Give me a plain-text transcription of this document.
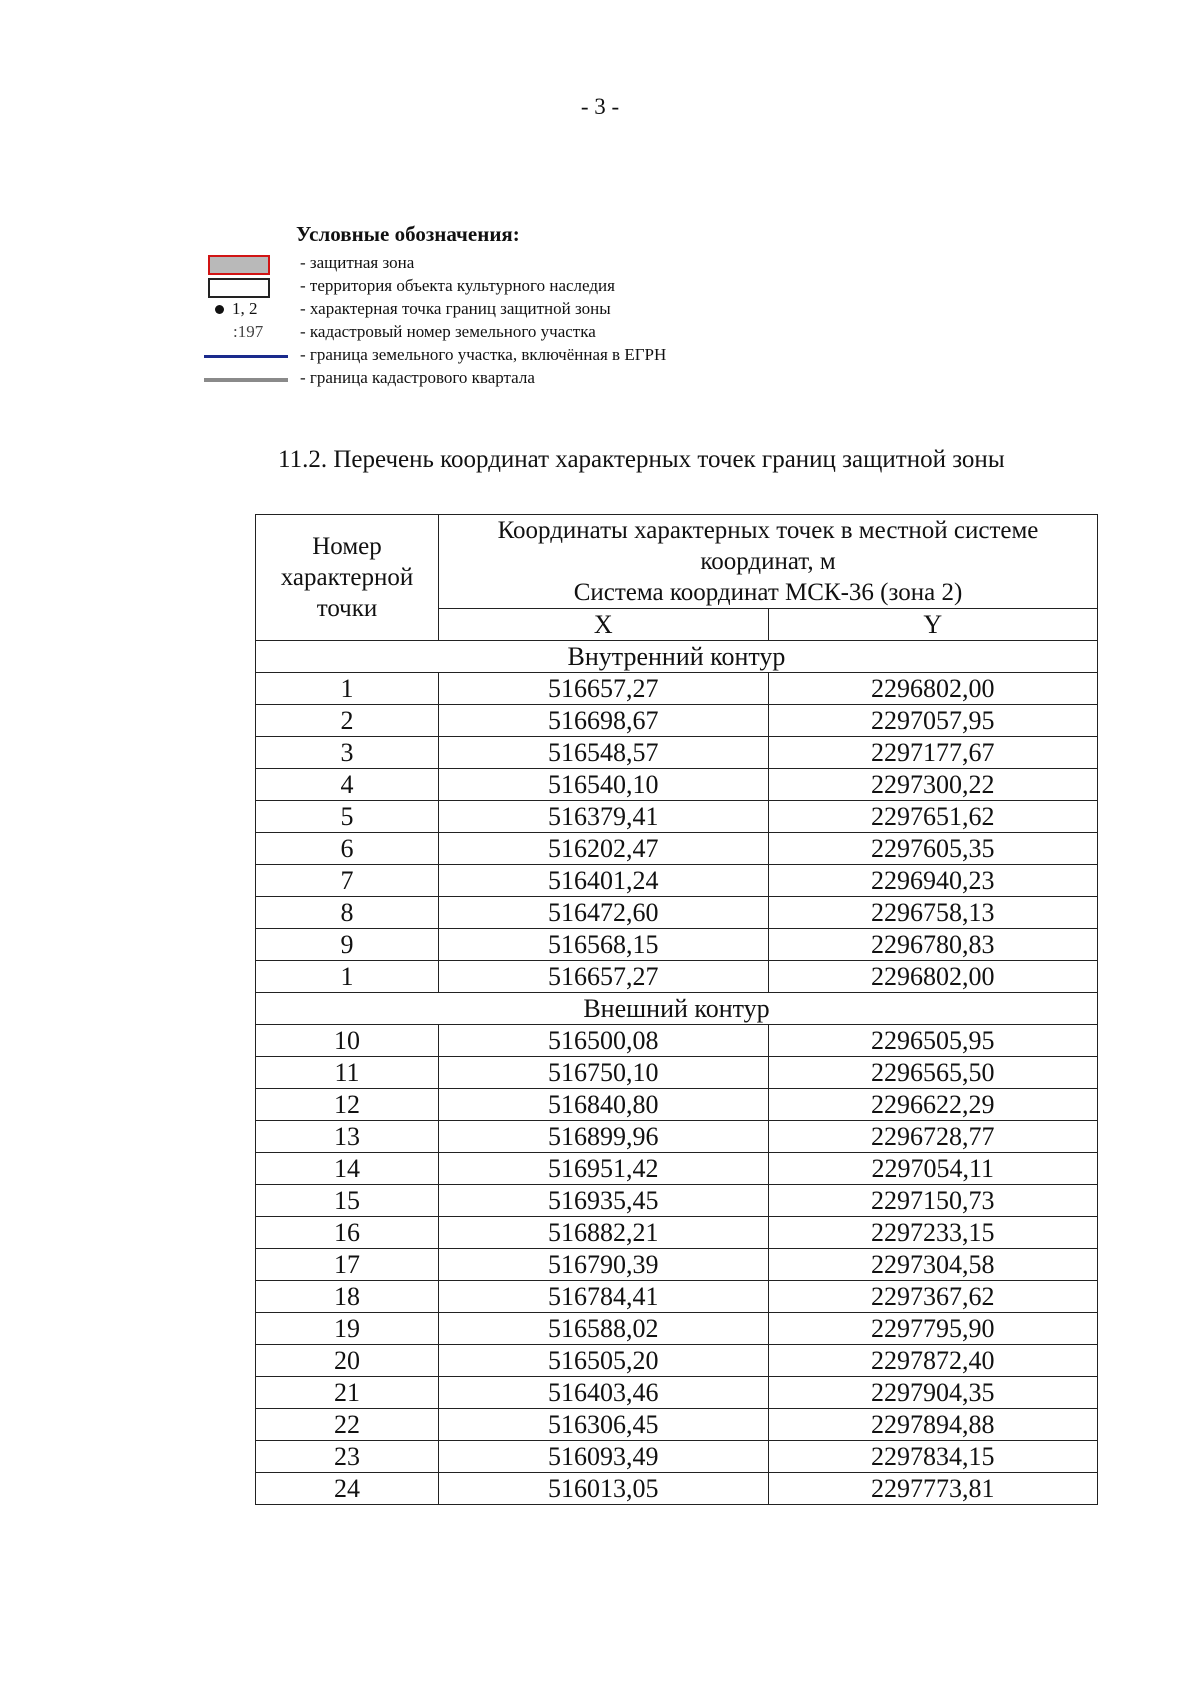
- 3 -
Условные обозначения:
- защитная зона
- территория объекта культурного наследия
1, 2	- характерная точка границ защитной зоны
:197 - кадастровый номер земельного участка
- граница земельного участка, включённая в ЕГРН
- граница кадастрового квартала
11.2. Перечень координат характерных точек границ защитной зоны
Номер характерной точки	Координаты характерных точек в местной системе координат, м
Система координат МСК-36 (зона 2)	
	X	Y
Внутренний контур		
1	516657,27	2296802,00
2	516698,67	2297057,95
3	516548,57	2297177,67
4	516540,10	2297300,22
5	516379,41	2297651,62
6	516202,47	2297605,35
7	516401,24	2296940,23
8	516472,60	2296758,13
9	516568,15	2296780,83
1	516657,27	2296802,00
Внешний контур		
10	516500,08	2296505,95
11	516750,10	2296565,50
12	516840,80	2296622,29
13	516899,96	2296728,77
14	516951,42	2297054,11
15	516935,45	2297150,73
16	516882,21	2297233,15
17	516790,39	2297304,58
18	516784,41	2297367,62
19	516588,02	2297795,90
20	516505,20	2297872,40
21	516403,46	2297904,35
22	516306,45	2297894,88
23	516093,49	2297834,15
24	516013,05	2297773,81
